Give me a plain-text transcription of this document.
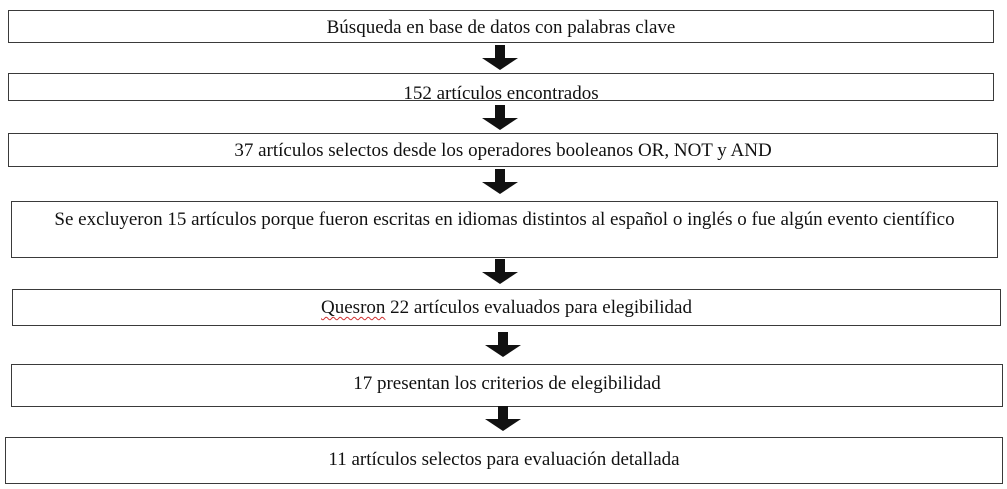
Búsqueda en base de datos con palabras clave
152 artículos encontrados
37 artículos selectos desde los operadores booleanos OR, NOT y AND
Se excluyeron 15 artículos porque fueron escritas en idiomas distintos al español o inglés o fue algún evento científico
Quesron 22 artículos evaluados para elegibilidad
17 presentan los criterios de elegibilidad
11 artículos selectos para evaluación detallada
